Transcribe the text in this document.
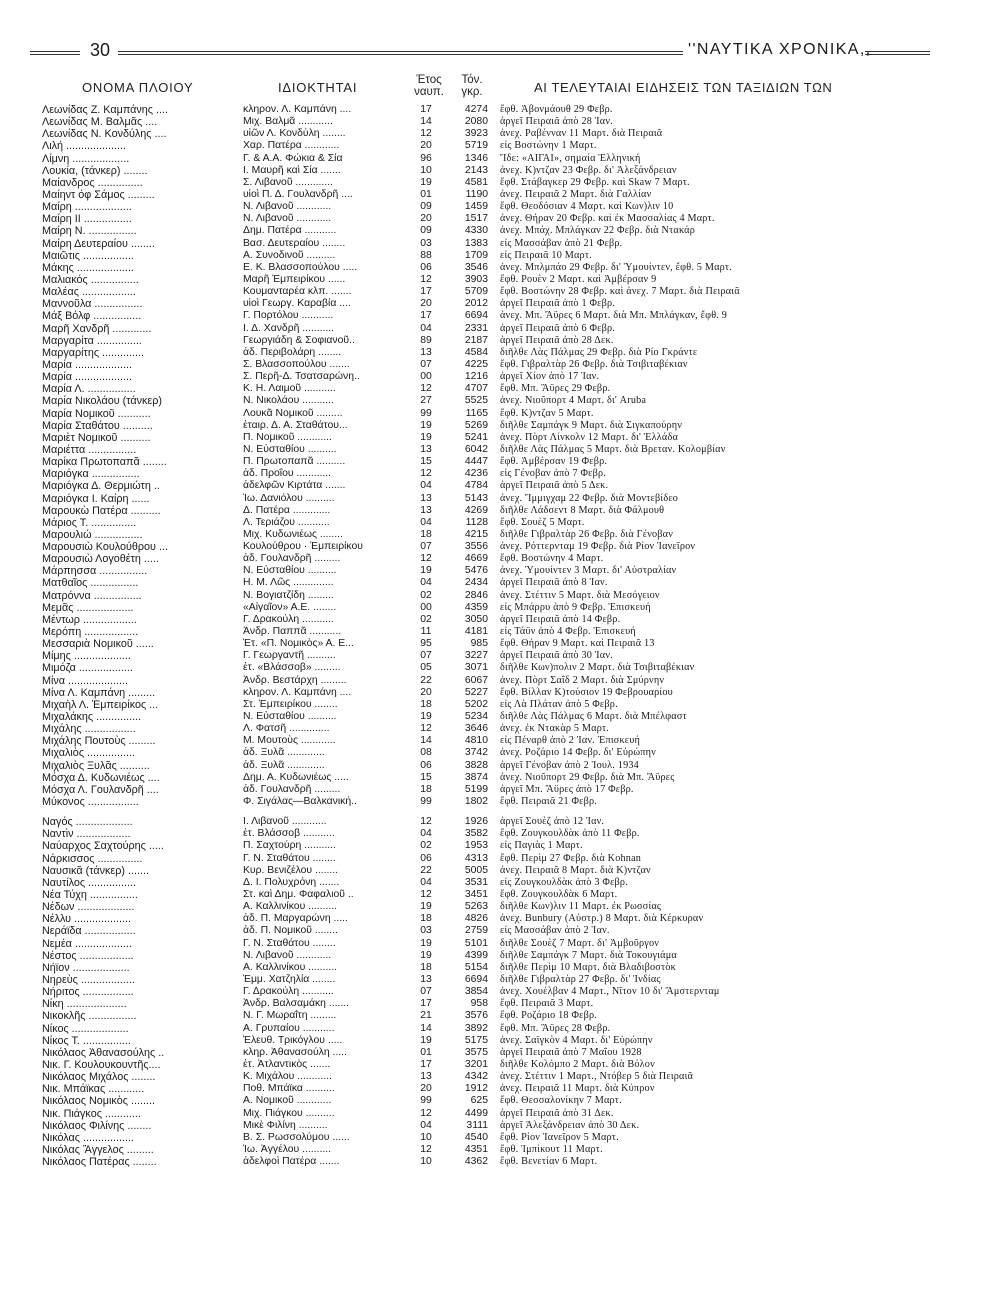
30	''ΝΑΥΤΙΚΑ ΧΡΟΝΙΚΑ,,
ΟΝΟΜΑ ΠΛΟΙΟΥ	ΙΔΙΟΚΤΗΤΑΙ	Έτος
ναυπ.
Τόν.
γκρ.	ΑΙ ΤΕΛΕΥΤΑΙΑΙ ΕΙΔΗΣΕΙΣ ΤΩΝ ΤΑΞΙΔΙΩΝ ΤΩΝ
Λεωνίδας Ζ. Καμπάνης ....	κληρον. Λ. Καμπάνη ....	17	4274 ἔφθ. Ἀβονμάουθ 29 Φεβρ.
Λεωνίδας Μ. Βαλμᾶς ....	Μιχ. Βαλμᾶ ............	14	2080 ἀργεῖ Πειραιᾶ ἀπὸ 28 Ἰαν.
Λεωνίδας Ν. Κονδύλης ....	υἱῶν Λ. Κονδύλη ........	12	3923 ἀνεχ. Ραβένναν 11 Μαρτ. διὰ Πειραιᾶ
Λιλή ....................	Χαρ. Πατέρα ............	20	5719 εἰς Βοστώνην 1 Μαρτ.
Λίμνη ...................	Γ. & Α.Α. Φώκια & Σία	96	1346 Ἴδε: «ΑΙΓΑΙ», σημαία Ἑλληνική
Λουκία, (τάνκερ) ........	Ι. Μαυρῆ καὶ Σία .......	10	2143 ἀνεχ. Κ)ντζαν 23 Φεβρ. δι' Ἀλεξάνδρειαν
Μαίανδρος ...............	Σ. Λιβανοῦ .............	19	4581 ἔφθ. Στάβαγκερ 29 Φεβρ. καὶ Skaw 7 Μαρτ.
Μαίηντ όφ Σάμος .........	υἱοὶ Π. Δ. Γουλανδρῆ ....	01	1190 ἀνεχ. Πειραιᾶ 2 Μαρτ. διὰ Γαλλίαν
Μαίρη ...................	Ν. Λιβανοῦ ............	09	1459 ἔφθ. Θεοδόσιαν 4 Μαρτ. καὶ Κων)λιν 10
Μαίρη ΙΙ ................	Ν. Λιβανοῦ ............	20	1517 ἀνεχ. Θήραν 20 Φεβρ. καὶ ἐκ Μασσαλίας 4 Μαρτ.
Μαίρη Ν. ................	Δημ. Πατέρα ...........	09	4330 ἀνεχ. Μπάχ. Μπλάγκαν 22 Φεβρ. διὰ Ντακάρ
Μαίρη Δευτεραίου ........	Βασ. Δευτεραίου ........	03	1383 εἰς Μασσάβαν ἀπὸ 21 Φεβρ.
Μαιῶτις .................	Α. Συνοδινοῦ ..........	88	1709 εἰς Πειραιᾶ 10 Μαρτ.
Μάκης ...................	Ε. Κ. Βλασσοπούλου .....	06	3546 ἀνεχ. Μπλμπάο 29 Φεβρ. δι' Ὑμουίντεν, ἔφθ. 5 Μαρτ.
Μαλιακός ................	Μαρῆ Ἐμπειρίκου ......	12	3903 ἔφθ. Ρουὲν 2 Μαρτ. καὶ Ἀμβέρσαν 9
Μαλέας ..................	Κουμανταρέα κλπ. .......	17	5709 ἔφθ. Βοστώνην 28 Φεβρ. καὶ ἀνεχ. 7 Μαρτ. διὰ Πειραιᾶ
Μαννοῦλα ................	υἱοὶ Γεωργ. Καραβία ....	20	2012 ἀργεῖ Πειραιᾶ ἀπὸ 1 Φεβρ.
Μάξ Βόλφ ................	Γ. Πορτόλου ...........	17	6694 ἀνεχ. Μπ. Ἄϋρες 6 Μαρτ. διὰ Μπ. Μπλάγκαν, ἔφθ. 9
Μαρῆ Χανδρῆ .............	Ι. Δ. Χανδρῆ ...........	04	2331 ἀργεῖ Πειραιᾶ ἀπὸ 6 Φεβρ.
Μαργαρίτα ...............	Γεωργιάδη & Σοφιανοῦ..	89	2187 ἀργεῖ Πειραιᾶ ἀπὸ 28 Δεκ.
Μαργαρίτης ..............	ἀδ. Περιβολάρη ........	13	4584 διῆλθε Λὰς Πάλμας 29 Φεβρ. διὰ Ρίο Γκράντε
Μαρία ...................	Σ. Βλασσοπούλου .......	07	4225 ἔφθ. Γιβραλτὰρ 26 Φεβρ. διὰ Τσιβιταβέκιαν
Μαρία ...................	Σ. Περῆ-Δ. Τσατσαρώνη..	00	1216 ἀργεῖ Χίον ἀπὸ 17 Ἰαν.
Μαρία Λ. ................	Κ. Η. Λαιμοῦ ...........	12	4707 ἔφθ. Μπ. Ἄϋρες 29 Φεβρ.
Μαρία Νικολάου (τάνκερ)	Ν. Νικολάου ...........	27	5525 ἀνεχ. Νιοῦπορτ 4 Μαρτ. δι' Aruba
Μαρία Νομικοῦ ...........	Λουκᾶ Νομικοῦ .........	99	1165 ἔφθ. Κ)ντζαν 5 Μαρτ.
Μαρία Σταθάτου ..........	ἑταιρ. Δ. Α. Σταθάτου...	19	5269 διῆλθε Σαμπάγκ 9 Μαρτ. διὰ Σιγκαπούρην
Μαριὲτ Νομικοῦ ..........	Π. Νομικοῦ ............	19	5241 ἀνεχ. Πὸρτ Λίνκολν 12 Μαρτ. δι' Ἑλλάδα
Μαριέττα ................	Ν. Εὐσταθίου ..........	13	6042 διῆλθε Λὰς Πάλμας 5 Μαρτ. διὰ Βρεταν. Κολομβίαν
Μαρίκα Πρωτοπαπᾶ ........	Π. Πρωτοπαπᾶ ..........	15	4447 ἔφθ. Ἀμβέρσαν 19 Φεβρ.
Μαριόγκα ................	ἀδ. Προΐου ............	12	4236 εἰς Γένοβαν ἀπὸ 7 Φεβρ.
Μαριόγκα Δ. Θερμιώτη ..	ἀδελφῶν Κιρτάτα .......	04	4784 ἀργεῖ Πειραιᾶ ἀπὸ 5 Δεκ.
Μαριόγκα Ι. Καίρη ......	Ἰω. Δανιόλου ..........	13	5143 ἀνεχ. Ἴμμιγχαμ 22 Φεβρ. διὰ Μοντεβίδεο
Μαρουκὼ Πατέρα ..........	Δ. Πατέρα .............	13	4269 διῆλθε Λάδσεντ 8 Μαρτ. διὰ Φάλμουθ
Μάριος Τ. ...............	Λ. Τεριάζου ...........	04	1128 ἔφθ. Σουὲζ 5 Μαρτ.
Μαρουλιώ ................	Μιχ. Κυδωνιέως ........	18	4215 διῆλθε Γιβραλτὰρ 26 Φεβρ. διὰ Γένοβαν
Μαρουσιὼ Κουλούθρου ...	Κουλούθρου · Ἐμπειρίκου	07	3556 ἀνεχ. Ρόττερνταμ 19 Φεβρ. διὰ Ρίον Ἰανεῖρον
Μαρουσιὼ Λογοθέτη .....	ἀδ. Γουλανδρῆ .........	12	4669 ἔφθ. Βοστώνην 4 Μαρτ.
Μάρπησσα ................	Ν. Εὐσταθίου ..........	19	5476 ἀνεχ. Ὑμουίντεν 3 Μαρτ. δι' Αὐστραλίαν
Ματθαῖος ................	Η. Μ. Λῶς ..............	04	2434 ἀργεῖ Πειραιᾶ ἀπὸ 8 Ἰαν.
Ματρόννα ................	Ν. Βογιατζίδη .........	02	2846 ἀνεχ. Στέττιν 5 Μαρτ. διὰ Μεσόγειον
Μεμᾶς ...................	«Αἰγαῖον» Α.Ε. ........	00	4359 εἰς Μπάρρυ ἀπὸ 9 Φεβρ. Ἐπισκευή
Μέντωρ ..................	Γ. Δρακούλη ...........	02	3050 ἀργεῖ Πειραιᾶ ἀπὸ 14 Φεβρ.
Μερόπη ..................	Ἀνδρ. Παππᾶ ...........	11	4181 εἰς Τάϋν ἀπὸ 4 Φεβρ. Ἐπισκευή
Μεσσαριὰ Νομικοῦ ......	Ἐτ. «Π. Νομικὸς» Α. Ε...	95	985 ἔφθ. Θήραν 9 Μαρτ. καὶ Πειραιᾶ 13
Μίμης ...................	Γ. Γεωργαντῆ ..........	07	3227 ἀργεῖ Πειραιᾶ ἀπὸ 30 Ἰαν.
Μιμόζα ..................	ἑτ. «Βλάσσοβ» .........	05	3071 διῆλθε Κων)πολιν 2 Μαρτ. διὰ Τσιβιταβέκιαν
Μίνα ....................	Ἀνδρ. Βεστάρχη .........	22	6067 ἀνεχ. Πὸρτ Σαΐδ 2 Μαρτ. διὰ Σμύρνην
Μίνα Λ. Καμπάνη .........	κληρον. Λ. Καμπάνη ....	20	5227 ἔφθ. Βίλλαν Κ)τούσιον 19 Φεβρουαρίου
Μιχαὴλ Λ. Ἐμπειρίκος ...	Στ. Ἐμπειρίκου ........	18	5202 εἰς Λὰ Πλάταν ἀπὸ 5 Φεβρ.
Μιχαλάκης ...............	Ν. Εὐσταθίου ..........	19	5234 διῆλθε Λὰς Πάλμας 6 Μαρτ. διὰ Μπέλφαστ
Μιχάλης .................	Λ. Φατσῆ ..............	12	3646 ἀνεχ. ἐκ Ντακὰρ 5 Μαρτ.
Μιχάλης Πουτοὺς .........	Μ. Μουτοὺς ............	14	4810 εἰς Πέναρθ ἀπὸ 2 Ἰαν. Ἐπισκευή
Μιχαλιὸς ................	ἀδ. Ξυλᾶ .............	08	3742 ἀνεχ. Ροζάριο 14 Φεβρ. δι' Εὐρώπην
Μιχαλιὸς Ξυλᾶς ..........	ἀδ. Ξυλᾶ .............	06	3828 ἀργεῖ Γένοβαν ἀπὸ 2 Ἰουλ. 1934
Μόσχα Δ. Κυδωνιέως ....	Δημ. Α. Κυδωνιέως .....	15	3874 ἀνεχ. Νιοῦπορτ 29 Φεβρ. διὰ Μπ. Ἄϋρες
Μόσχα Λ. Γουλανδρῆ ....	ἀδ. Γουλανδρῆ .........	18	5199 ἀργεῖ Μπ. Ἄϋρες ἀπὸ 17 Φεβρ.
Μύκονος .................	Φ. Σιγάλας—Βαλκανική..	99	1802 ἔφθ. Πειραιᾶ 21 Φεβρ.
Ναγός ...................	Ι. Λιβανοῦ ............	12	1926 ἀργεῖ Σουὲζ ἀπὸ 12 Ἰαν.
Ναντὶν ..................	ἑτ. Βλάσσοβ ...........	04	3582 ἔφθ. Ζουγκουλδὰκ ἀπὸ 11 Φεβρ.
Ναύαρχος Σαχτούρης .....	Π. Σαχτούρη ...........	02	1953 εἰς Παγιὰς 1 Μαρτ.
Νάρκισσος ...............	Γ. Ν. Σταθάτου ........	06	4313 ἔφθ. Περὶμ 27 Φεβρ. διὰ Kohnan
Ναυσικᾶ (τάνκερ) .......	Κυρ. Βενιζέλου ........	22	5005 ἀνεχ. Πειραιᾶ 8 Μαρτ. διὰ Κ)ντζαν
Ναυτίλος ................	Δ. Ι. Πολυχρόνη .......	04	3531 εἰς Ζουγκουλδὰκ ἀπὸ 3 Φεβρ.
Νέα Τύχη ................	Στ. καὶ Δημ. Φαφαλιοῦ ..	12	3451 ἔφθ. Ζουγκουλδὰκ 6 Μαρτ.
Νέδων ...................	Α. Καλλινίκου ..........	19	5263 διῆλθε Κων)λιν 11 Μαρτ. ἐκ Ρωσσίας
Νέλλυ ...................	ἀδ. Π. Μαργαρώνη .....	18	4826 ἀνεχ. Bunbury (Αὐστρ.) 8 Μαρτ. διὰ Κέρκυραν
Νεράϊδα .................	ἀδ. Π. Νομικοῦ ........	03	2759 εἰς Μασσάβαν ἀπὸ 2 Ἰαν.
Νεμέα ...................	Γ. Ν. Σταθάτου ........	19	5101 διῆλθε Σουὲζ 7 Μαρτ. δι' Ἀμβοῦργον
Νέστος ..................	Ν. Λιβανοῦ ............	19	4399 διῆλθε Σαμπάγκ 7 Μαρτ. διὰ Τοκουγιάμα
Νήϊον ...................	Α. Καλλινίκου ..........	18	5154 διῆλθε Περὶμ 10 Μαρτ. διὰ Βλαδιβοστὸκ
Νηρεὺς ..................	Ἐμμ. Χατζηλία ........	13	6694 διῆλθε Γιβραλτὰρ 27 Φεβρ. δι' Ἰνδίας
Νήριτος .................	Γ. Δρακούλη ...........	07	3854 ἀνεχ. Χουέλβαν 4 Μαρτ., Νῖτον 10 δι' Ἄμστερνταμ
Νίκη ....................	Ἀνδρ. Βαλσαμάκη .......	17	958 ἔφθ. Πειραιᾶ 3 Μαρτ.
Νικοκλῆς ................	Ν. Γ. Μωραΐτη .........	21	3576 ἔφθ. Ροζάριο 18 Φεβρ.
Νίκος ...................	Α. Γρυπαίου ...........	14	3892 ἔφθ. Μπ. Ἄϋρες 28 Φεβρ.
Νίκος Τ. ................	Ἐλευθ. Τρικόγλου .....	19	5175 ἀνεχ. Σαϊγκὸν 4 Μαρτ. δι' Εὐρώπην
Νικόλαος Ἀθανασούλης ..	κληρ. Ἀθανασούλη .....	01	3575 ἀργεῖ Πειραιᾶ ἀπὸ 7 Μαΐου 1928
Νικ. Γ. Κουλουκουντῆς....	ἑτ. Ἀτλαντικὸς .......	17	3201 διῆλθε Κολόμπο 2 Μαρτ. διὰ Βόλον
Νικόλαος Μιχάλος ........	Κ. Μιχάλου ............	13	4342 ἀνεχ. Στέττιν 1 Μαρτ., Ντόβερ 5 διὰ Πειραιᾶ
Νικ. Μπάϊκας ............	Ποθ. Μπάϊκα ..........	20	1912 ἀνεχ. Πειραιᾶ 11 Μαρτ. διὰ Κύπρον
Νικόλαος Νομικὸς ........	Α. Νομικοῦ ............	99	625 ἔφθ. Θεσσαλονίκην 7 Μαρτ.
Νικ. Πιάγκος ............	Μιχ. Πιάγκου ..........	12	4499 ἀργεῖ Πειραιᾶ ἀπὸ 31 Δεκ.
Νικόλαος Φιλίνης ........	Μικὲ Φιλίνη ..........	04	3111 ἀργεῖ Ἀλεξάνδρειαν ἀπὸ 30 Δεκ.
Νικόλας .................	Β. Σ. Ρωσσολύμου ......	10	4540 ἔφθ. Ρίον Ἰανεῖρον 5 Μαρτ.
Νικόλας Ἄγγελος .........	Ἰω. Ἀγγέλου ..........	12	4351 ἔφθ. Ἰμπὶκουτ 11 Μαρτ.
Νικόλαος Πατέρας ........	ἀδελφοὶ Πατέρα .......	10	4362 ἔφθ. Βενετίαν 6 Μαρτ.
